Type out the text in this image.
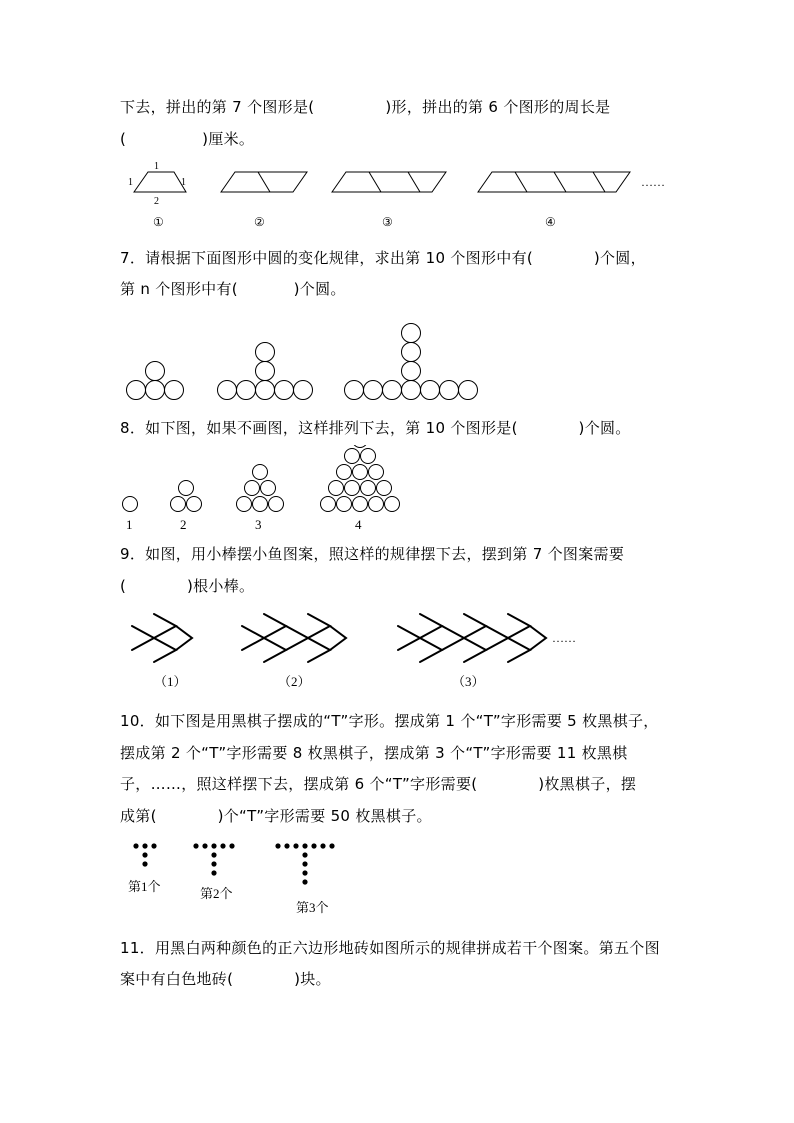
下去，拼出的第 7 个图形是(              )形，拼出的第 6 个图形的周长是
(               )厘米。
1
1	1
2
①	②	③	④
……
7．请根据下面图形中圆的变化规律，求出第 10 个图形中有(            )个圆，
第 n 个图形中有(           )个圆。
8．如下图，如果不画图，这样排列下去，第 10 个图形是(            )个圆。
1	2	3	4
9．如图，用小棒摆小鱼图案，照这样的规律摆下去，摆到第 7 个图案需要
(            )根小棒。
……
（1）	（2）	（3）
10．如下图是用黑棋子摆成的“T”字形。摆成第 1 个“T”字形需要 5 枚黑棋子，
摆成第 2 个“T”字形需要 8 枚黑棋子，摆成第 3 个“T”字形需要 11 枚黑棋
子，……，照这样摆下去，摆成第 6 个“T”字形需要(            )枚黑棋子，摆
成第(            )个“T”字形需要 50 枚黑棋子。
第1个	第2个
第3个
11．用黑白两种颜色的正六边形地砖如图所示的规律拼成若干个图案。第五个图
案中有白色地砖(            )块。
